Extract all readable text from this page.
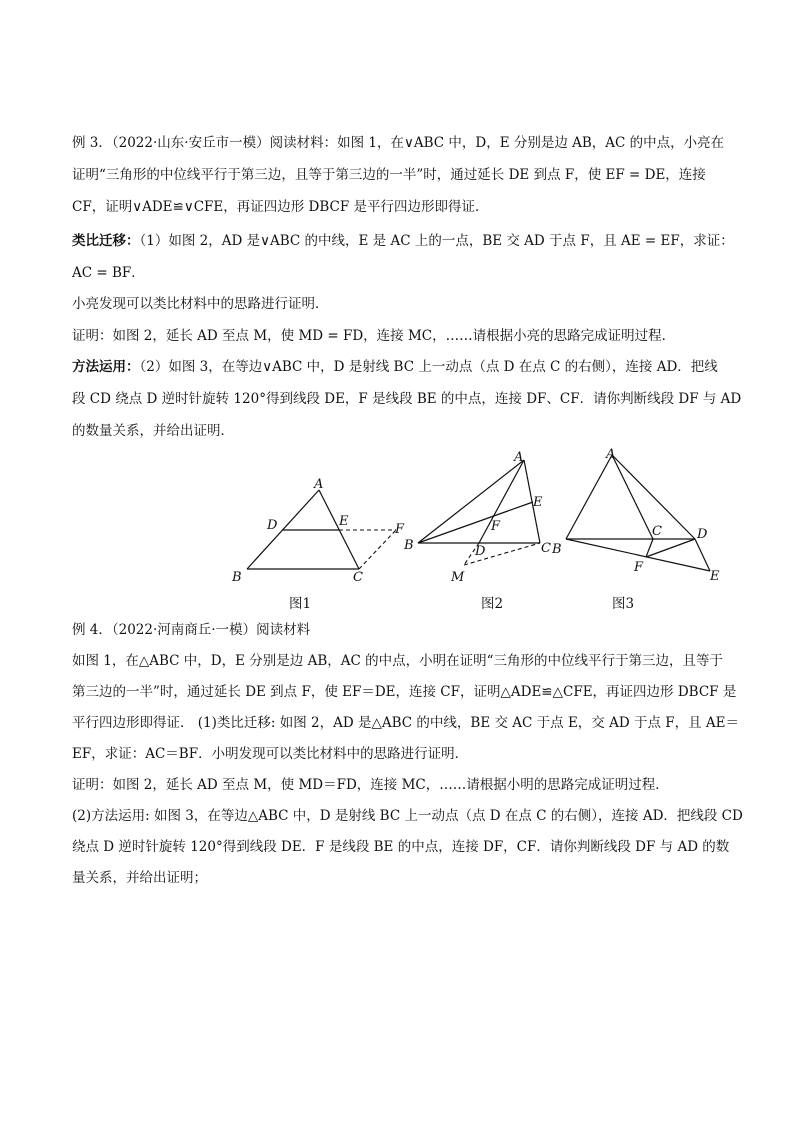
例 3．（2022·山东·安丘市一模）阅读材料：如图 1，在∨ABC 中，D，E 分别是边 AB，AC 的中点，小亮在
证明“三角形的中位线平行于第三边，且等于第三边的一半”时，通过延长 DE 到点 F，使 EF = DE，连接
CF，证明∨ADE≌∨CFE，再证四边形 DBCF 是平行四边形即得证．
类比迁移：（1）如图 2，AD 是∨ABC 的中线，E 是 AC 上的一点，BE 交 AD 于点 F，且 AE = EF，求证：
AC = BF．
小亮发现可以类比材料中的思路进行证明．
证明：如图 2，延长 AD 至点 M，使 MD = FD，连接 MC，……请根据小亮的思路完成证明过程．
方法运用：（2）如图 3，在等边∨ABC 中，D 是射线 BC 上一动点（点 D 在点 C 的右侧），连接 AD．把线
段 CD 绕点 D 逆时针旋转 120°得到线段 DE，F 是线段 BE 的中点，连接 DF、CF．请你判断线段 DF 与 AD
的数量关系，并给出证明．
A
D	E
F
B	C
图1
A
E
F
B	D	C
M
图2
A
B
C	D
F
E
图3
例 4．（2022·河南商丘·一模）阅读材料
如图 1，在△ABC 中，D，E 分别是边 AB，AC 的中点，小明在证明“三角形的中位线平行于第三边，且等于
第三边的一半”时，通过延长 DE 到点 F，使 EF＝DE，连接 CF，证明△ADE≌△CFE，再证四边形 DBCF 是
平行四边形即得证． (1)类比迁移: 如图 2，AD 是△ABC 的中线，BE 交 AC 于点 E，交 AD 于点 F，且 AE＝
EF，求证：AC＝BF．小明发现可以类比材料中的思路进行证明．
证明：如图 2，延长 AD 至点 M，使 MD＝FD，连接 MC，……请根据小明的思路完成证明过程．
(2)方法运用: 如图 3，在等边△ABC 中，D 是射线 BC 上一动点（点 D 在点 C 的右侧），连接 AD．把线段 CD
绕点 D 逆时针旋转 120°得到线段 DE．F 是线段 BE 的中点，连接 DF，CF．请你判断线段 DF 与 AD 的数
量关系，并给出证明；
